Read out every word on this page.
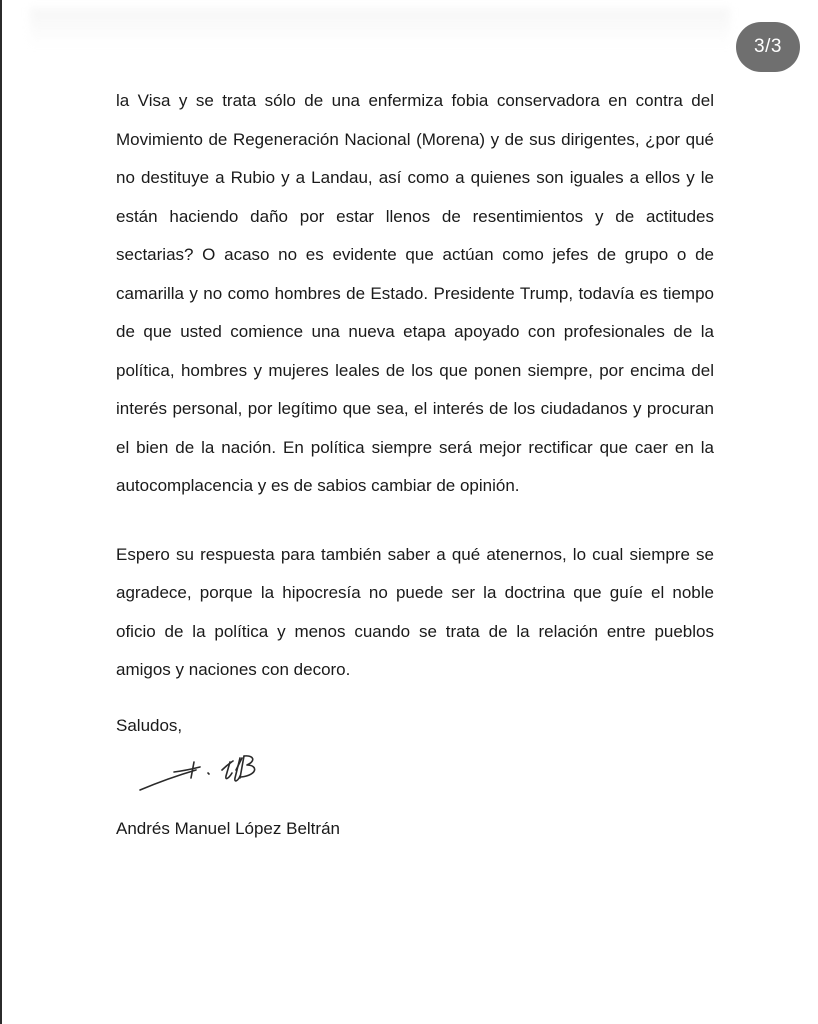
3/3

la Visa y se trata sólo de una enfermiza fobia conservadora en contra del Movimiento de Regeneración Nacional (Morena) y de sus dirigentes, ¿por qué no destituye a Rubio y a Landau, así como a quienes son iguales a ellos y le están haciendo daño por estar llenos de resentimientos y de actitudes sectarias? O acaso no es evidente que actúan como jefes de grupo o de camarilla y no como hombres de Estado. Presidente Trump, todavía es tiempo de que usted comience una nueva etapa apoyado con profesionales de la política, hombres y mujeres leales de los que ponen siempre, por encima del interés personal, por legítimo que sea, el interés de los ciudadanos y procuran el bien de la nación. En política siempre será mejor rectificar que caer en la autocomplacencia y es de sabios cambiar de opinión.

Espero su respuesta para también saber a qué atenernos, lo cual siempre se agradece, porque la hipocresía no puede ser la doctrina que guíe el noble oficio de la política y menos cuando se trata de la relación entre pueblos amigos y naciones con decoro.

Saludos,
Andrés Manuel López Beltrán
